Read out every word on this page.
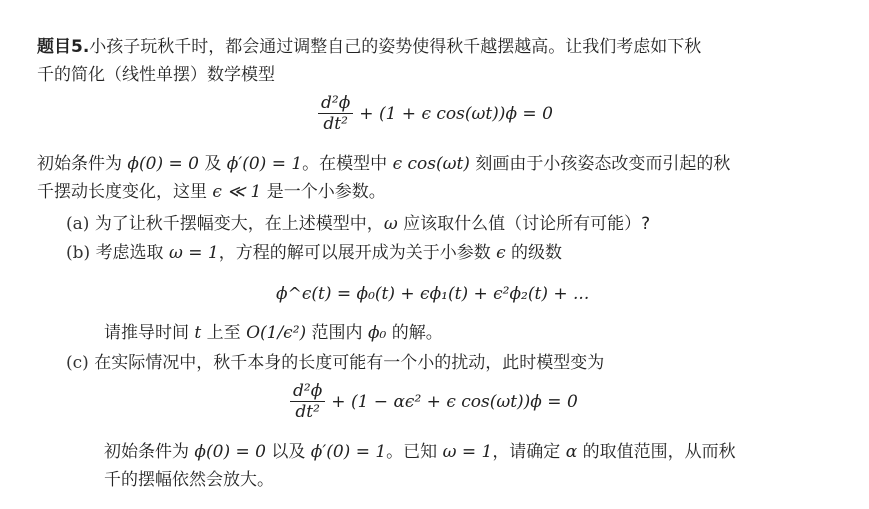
题目5.小孩子玩秋千时，都会通过调整自己的姿势使得秋千越摆越高。让我们考虑如下秋
千的简化（线性单摆）数学模型
$\frac{\text{d²ϕ}}{\text{dt²}} + (1 + \epsilon$ cos(ωt))ϕ = 0
初始条件为 ϕ(0) = 0 及 ϕ′(0) = 1。在模型中 ϵ cos(ωt) 刻画由于小孩姿态改变而引起的秋
千摆动长度变化，这里 ϵ ≪ 1 是一个小参数。
(a) 为了让秋千摆幅变大，在上述模型中，ω 应该取什么值（讨论所有可能）?
(b) 考虑选取 ω = 1，方程的解可以展开成为关于小参数 ϵ 的级数
ϕ^ϵ(t) = ϕ₀(t) + ϵϕ₁(t) + ϵ²ϕ₂(t) + ...
请推导时间 t 上至 O(1/ϵ²) 范围内 ϕ₀ 的解。
(c) 在实际情况中，秋千本身的长度可能有一个小的扰动，此时模型变为
$\frac{\text{d²ϕ}}{\text{dt²}} + (1 - \alpha\epsilon^2 + \epsilon$ cos(ωt))ϕ = 0
初始条件为 ϕ(0) = 0 以及 ϕ′(0) = 1。已知 ω = 1，请确定 α 的取值范围，从而秋
千的摆幅依然会放大。
